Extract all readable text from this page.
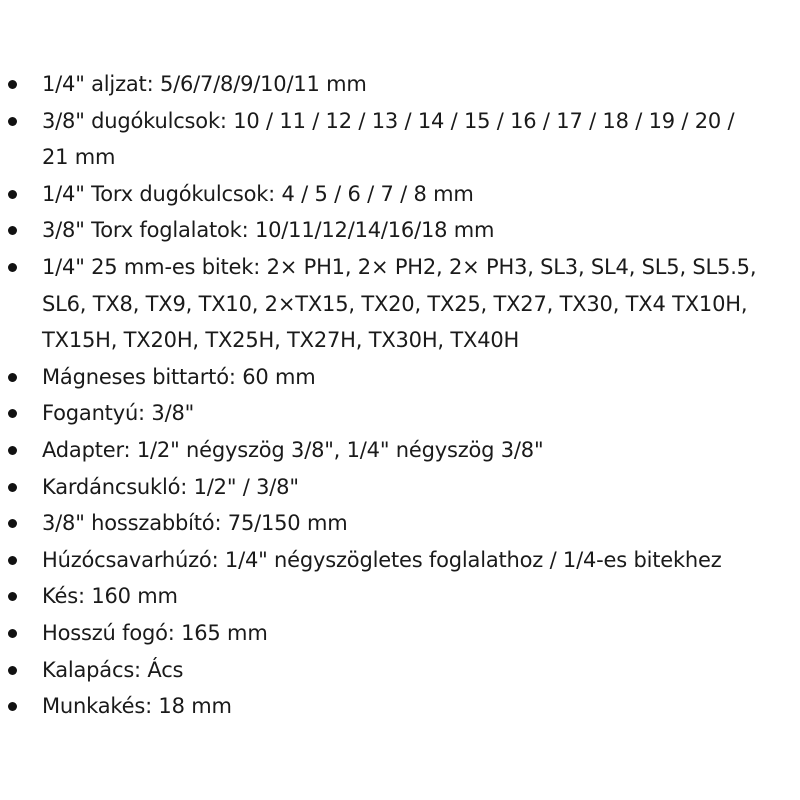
1/4" aljzat: 5/6/7/8/9/10/11 mm
3/8" dugókulcsok: 10 / 11 / 12 / 13 / 14 / 15 / 16 / 17 / 18 / 19 / 20 /
21 mm
1/4" Torx dugókulcsok: 4 / 5 / 6 / 7 / 8 mm
3/8" Torx foglalatok: 10/11/12/14/16/18 mm
1/4" 25 mm-es bitek: 2× PH1, 2× PH2, 2× PH3, SL3, SL4, SL5, SL5.5,
SL6, TX8, TX9, TX10, 2×TX15, TX20, TX25, TX27, TX30, TX4 TX10H,
TX15H, TX20H, TX25H, TX27H, TX30H, TX40H
Mágneses bittartó: 60 mm
Fogantyú: 3/8"
Adapter: 1/2" négyszög 3/8", 1/4" négyszög 3/8"
Kardáncsukló: 1/2" / 3/8"
3/8" hosszabbító: 75/150 mm
Húzócsavarhúzó: 1/4" négyszögletes foglalathoz / 1/4-es bitekhez
Kés: 160 mm
Hosszú fogó: 165 mm
Kalapács: Ács
Munkakés: 18 mm
